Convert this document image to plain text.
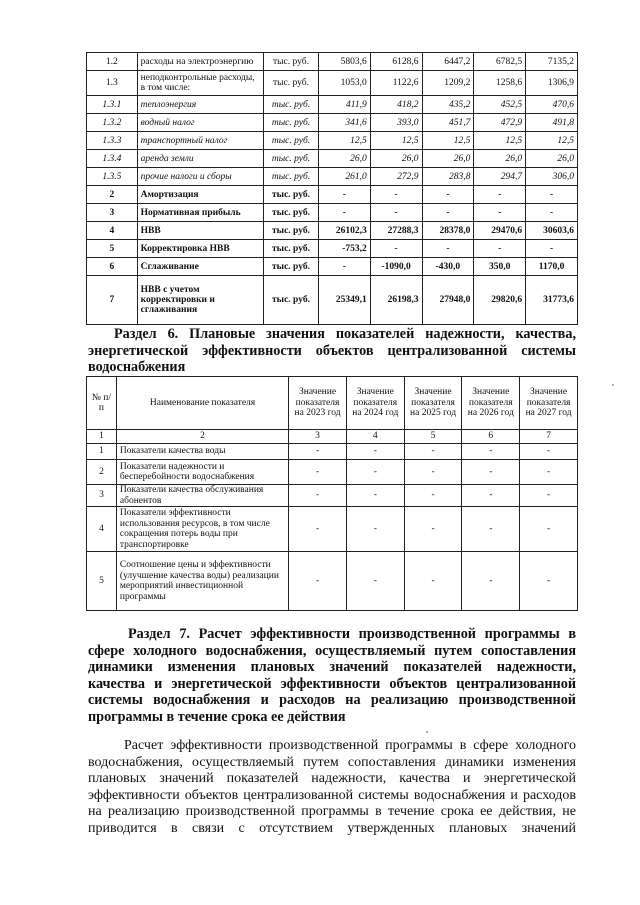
1.2	расходы на электроэнергию	тыс. руб.	5803,6	6128,6	6447,2	6782,5	7135,2
1.3	неподконтрольные расходы, в том числе:	тыс. руб.	1053,0	1122,6	1209,2	1258,6	1306,9
1.3.1	теплоэнергия	тыс. руб.	411,9	418,2	435,2	452,5	470,6
1.3.2	водный налог	тыс. руб.	341,6	393,0	451,7	472,9	491,8
1.3.3	транспортный налог	тыс. руб.	12,5	12,5	12,5	12,5	12,5
1.3.4	аренда земли	тыс. руб.	26,0	26,0	26,0	26,0	26,0
1.3.5	прочие налоги и сборы	тыс. руб.	261,0	272,9	283,8	294,7	306,0
2	Амортизация	тыс. руб.	-	-	-	-	-
3	Нормативная прибыль	тыс. руб.	-	-	-	-	-
4	НВВ	тыс. руб.	26102,3	27288,3	28378,0	29470,6	30603,6
5	Корректировка НВВ	тыс. руб.	-753,2	-	-	-	-
6	Сглаживание	тыс. руб.	-	-1090,0	-430,0	350,0	1170,0
7	НВВ с учетом корректировки и сглаживания	тыс. руб.	25349,1	26198,3	27948,0	29820,6	31773,6
Раздел 6. Плановые значения показателей надежности, качества, энергетической эффективности объектов централизованной системы водоснабжения
№ п/п	Наименование показателя	Значение показателя на 2023 год	Значение показателя на 2024 год	Значение показателя на 2025 год	Значение показателя на 2026 год	Значение показателя на 2027 год
1	2	3	4	5	6	7
1	Показатели качества воды	-	-	-	-	-
2	Показатели надежности и бесперебойности водоснабжения	-	-	-	-	-
3	Показатели качества обслуживания абонентов	-	-	-	-	-
4	Показатели эффективности использования ресурсов, в том числе сокращения потерь воды при транспортировке	-	-	-	-	-
5	Соотношение цены и эффективности (улучшение качества воды) реализации мероприятий инвестиционной программы	-	-	-	-	-
Раздел 7. Расчет эффективности производственной программы в сфере холодного водоснабжения, осуществляемый путем сопоставления динамики изменения плановых значений показателей надежности, качества и энергетической эффективности объектов централизованной системы водоснабжения и расходов на реализацию производственной программы в течение срока ее действия
Расчет эффективности производственной программы в сфере холодного водоснабжения, осуществляемый путем сопоставления динамики изменения плановых значений показателей надежности, качества и энергетической эффективности объектов централизованной системы водоснабжения и расходов на реализацию производственной программы в течение срока ее действия, не приводится в связи с отсутствием утвержденных плановых значений
